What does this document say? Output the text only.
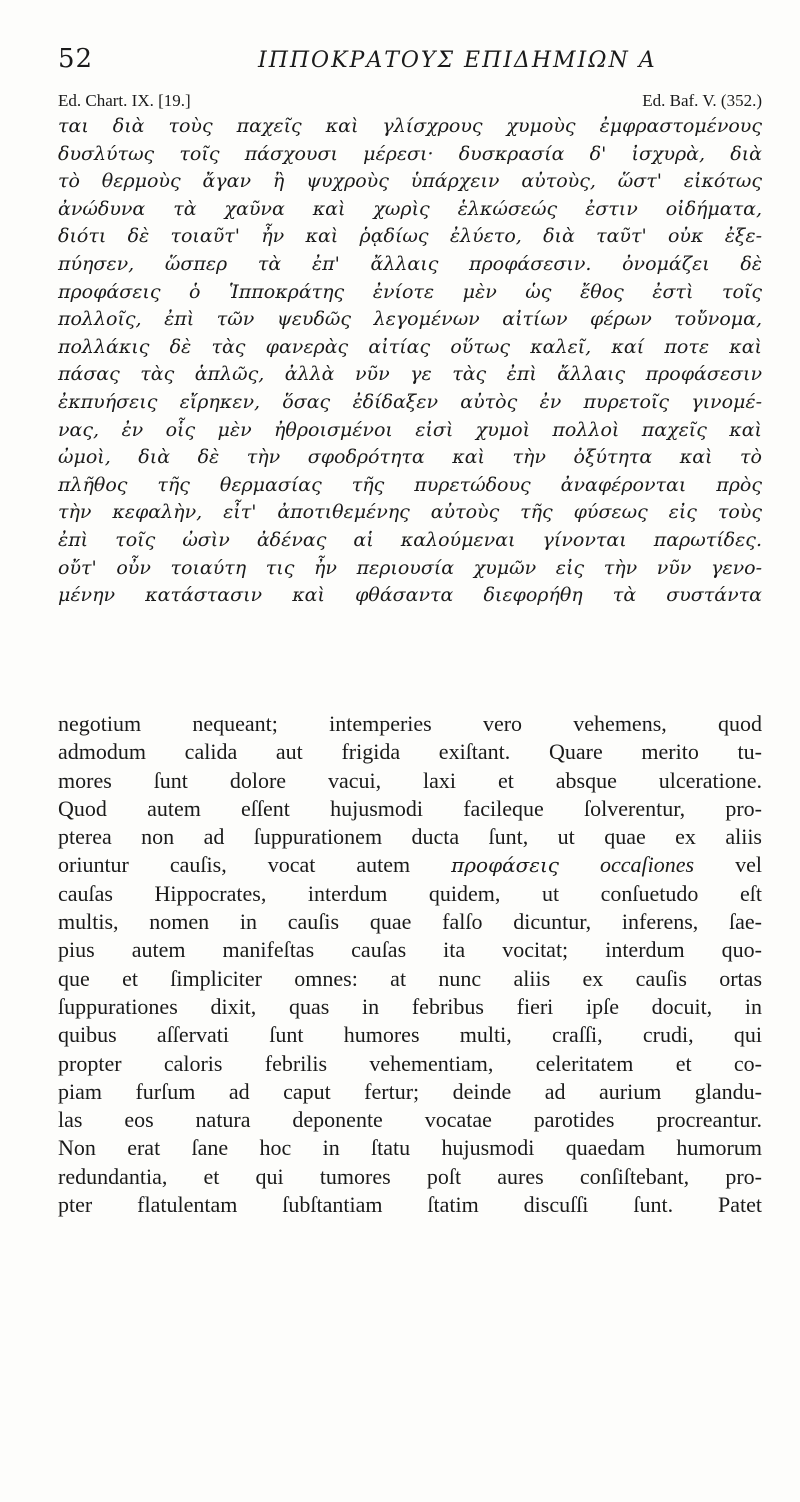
52	ΙΠΠΟΚΡΑΤΟΥΣ ΕΠΙΔΗΜΙΩΝ Α
Ed. Chart. IX. [19.]	Ed. Baf. V. (352.)
ται διὰ τοὺς παχεῖς καὶ γλίσχρους χυμοὺς ἐμφραστομένους
δυσλύτως τοῖς πάσχουσι μέρεσι· δυσκρασία δ' ἰσχυρὰ, διὰ
τὸ θερμοὺς ἄγαν ἢ ψυχροὺς ὑπάρχειν αὐτοὺς, ὥστ' εἰκότως
ἀνώδυνα τὰ χαῦνα καὶ χωρὶς ἑλκώσεώς ἐστιν οἰδήματα,
διότι δὲ τοιαῦτ' ἦν καὶ ῥᾳδίως ἐλύετο, διὰ ταῦτ' οὐκ ἐξε-
πύησεν, ὥσπερ τὰ ἐπ' ἄλλαις προφάσεσιν. ὀνομάζει δὲ
προφάσεις ὁ Ἱπποκράτης ἐνίοτε μὲν ὡς ἔθος ἐστὶ τοῖς
πολλοῖς, ἐπὶ τῶν ψευδῶς λεγομένων αἰτίων φέρων τοὔνομα,
πολλάκις δὲ τὰς φανερὰς αἰτίας οὕτως καλεῖ, καί ποτε καὶ
πάσας τὰς ἁπλῶς, ἀλλὰ νῦν γε τὰς ἐπὶ ἄλλαις προφάσεσιν
ἐκπυήσεις εἴρηκεν, ὅσας ἐδίδαξεν αὐτὸς ἐν πυρετοῖς γινομέ-
νας, ἐν οἷς μὲν ἠθροισμένοι εἰσὶ χυμοὶ πολλοὶ παχεῖς καὶ
ὠμοὶ, διὰ δὲ τὴν σφοδρότητα καὶ τὴν ὀξύτητα καὶ τὸ
πλῆθος τῆς θερμασίας τῆς πυρετώδους ἀναφέρονται πρὸς
τὴν κεφαλὴν, εἶτ' ἀποτιθεμένης αὐτοὺς τῆς φύσεως εἰς τοὺς
ἐπὶ τοῖς ὠσὶν ἀδένας αἱ καλούμεναι γίνονται παρωτίδες.
οὔτ' οὖν τοιαύτη τις ἦν περιουσία χυμῶν εἰς τὴν νῦν γενο-
μένην κατάστασιν καὶ φθάσαντα διεφορήθη τὰ συστάντα
negotium nequeant; intemperies vero vehemens, quod
admodum calida aut frigida exiſtant. Quare merito tu-
mores ſunt dolore vacui, laxi et absque ulceratione.
Quod autem eſſent hujusmodi facileque ſolverentur, pro-
pterea non ad ſuppurationem ducta ſunt, ut quae ex aliis
oriuntur cauſis, vocat autem προφάσεις occaſiones vel
cauſas Hippocrates, interdum quidem, ut conſuetudo eſt
multis, nomen in cauſis quae falſo dicuntur, inferens, ſae-
pius autem manifeſtas cauſas ita vocitat; interdum quo-
que et ſimpliciter omnes: at nunc aliis ex cauſis ortas
ſuppurationes dixit, quas in febribus fieri ipſe docuit, in
quibus aſſervati ſunt humores multi, craſſi, crudi, qui
propter caloris febrilis vehementiam, celeritatem et co-
piam furſum ad caput fertur; deinde ad aurium glandu-
las eos natura deponente vocatae parotides procreantur.
Non erat ſane hoc in ſtatu hujusmodi quaedam humorum
redundantia, et qui tumores poſt aures conſiſtebant, pro-
pter flatulentam ſubſtantiam ſtatim discuſſi ſunt. Patet
